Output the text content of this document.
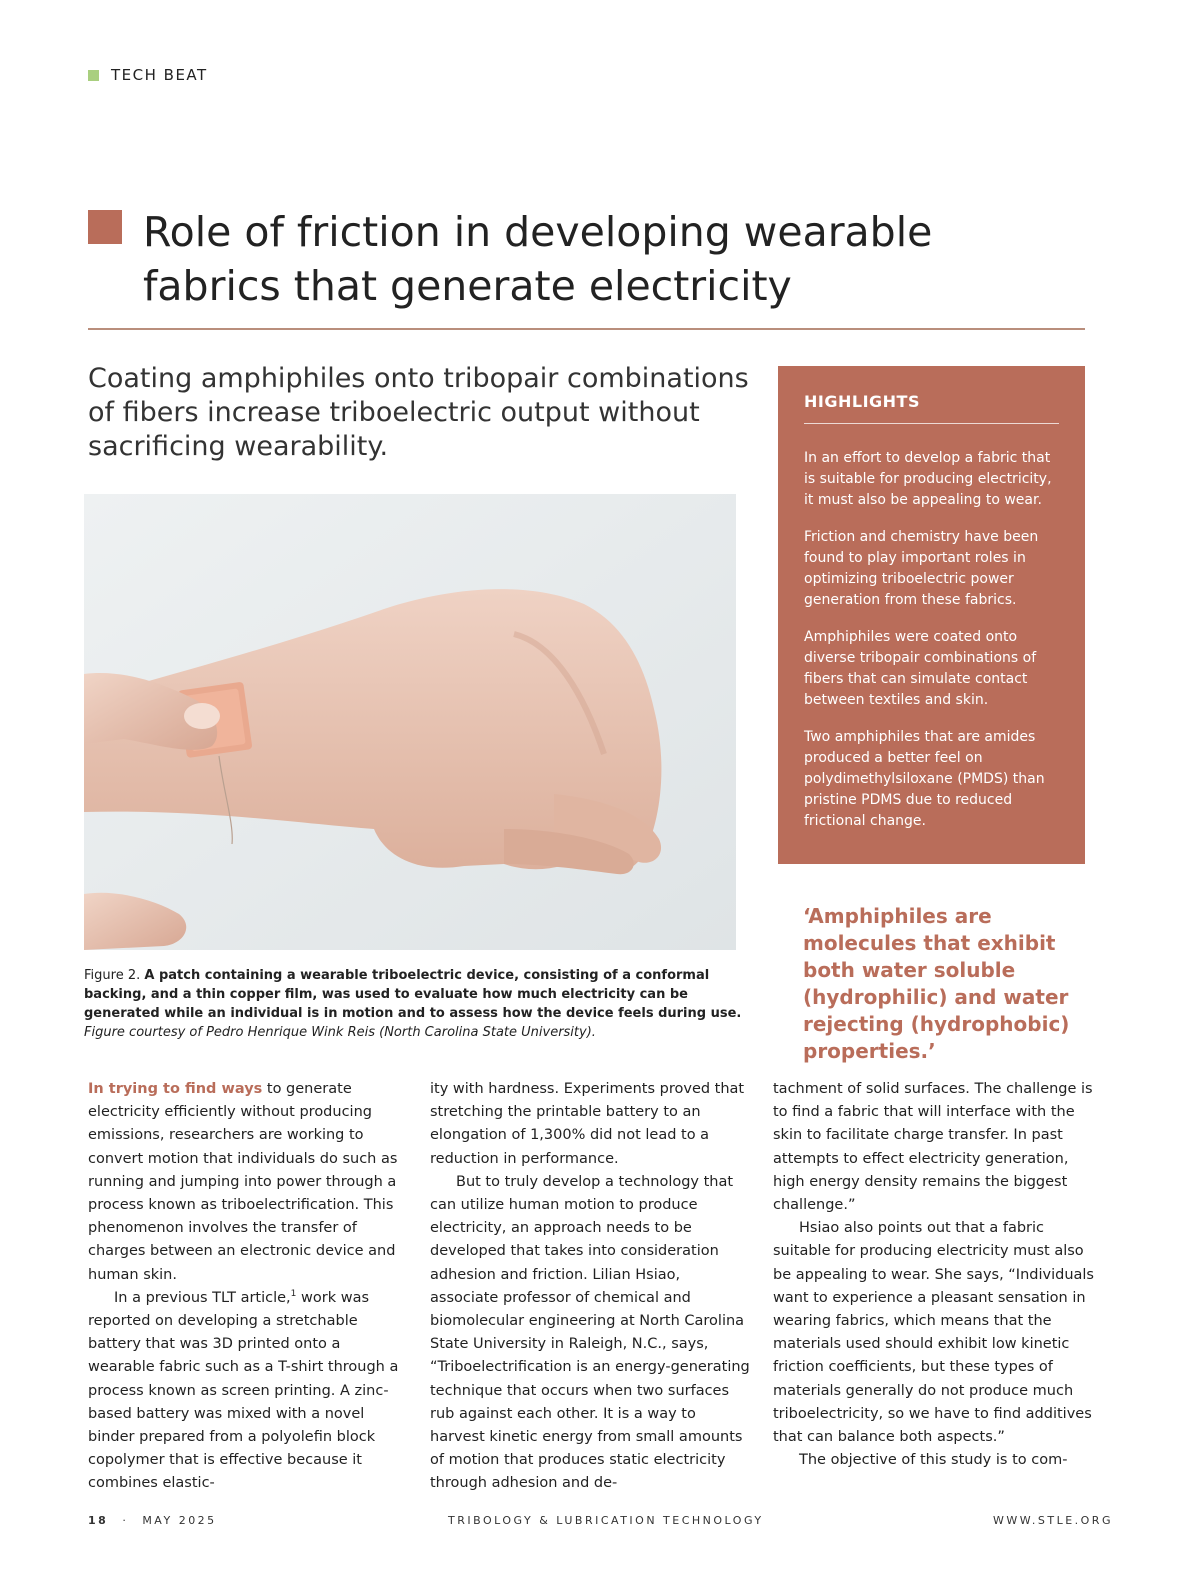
TECH BEAT
Role of friction in developing wearable fabrics that generate electricity
Coating amphiphiles onto tribopair combinations of fibers increase triboelectric output without sacrificing wearability.
Figure 2. A patch containing a wearable triboelectric device, consisting of a conformal backing, and a thin copper film, was used to evaluate how much electricity can be generated while an individual is in motion and to assess how the device feels during use. Figure courtesy of Pedro Henrique Wink Reis (North Carolina State University).
HIGHLIGHTS
In an effort to develop a fabric that is suitable for producing electricity, it must also be appealing to wear.
Friction and chemistry have been found to play important roles in optimizing triboelectric power generation from these fabrics.
Amphiphiles were coated onto diverse tribopair combinations of fibers that can simulate contact between textiles and skin.
Two amphiphiles that are amides produced a better feel on polydimethylsiloxane (PMDS) than pristine PDMS due to reduced frictional change.
‘Amphiphiles are molecules that exhibit both water soluble (hydrophilic) and water rejecting (hydrophobic) properties.’

In trying to find ways to generate electricity efficiently without producing emissions, researchers are working to convert motion that individuals do such as running and jumping into power through a process known as triboelectrification. This phenomenon involves the transfer of charges between an electronic device and human skin.

In a previous TLT article,$^1$ work was reported on developing a stretchable battery that was 3D printed onto a wearable fabric such as a T-shirt through a process known as screen printing. A zinc-based battery was mixed with a novel binder prepared from a polyolefin block copolymer that is effective because it combines elastic-

ity with hardness. Experiments proved that stretching the printable battery to an elongation of 1,300% did not lead to a reduction in performance.

But to truly develop a technology that can utilize human motion to produce electricity, an approach needs to be developed that takes into consideration adhesion and friction. Lilian Hsiao, associate professor of chemical and biomolecular engineering at North Carolina State University in Raleigh, N.C., says, “Triboelectrification is an energy-generating technique that occurs when two surfaces rub against each other. It is a way to harvest kinetic energy from small amounts of motion that produces static electricity through adhesion and de-

tachment of solid surfaces. The challenge is to find a fabric that will interface with the skin to facilitate charge transfer. In past attempts to effect electricity generation, high energy density remains the biggest challenge.”

Hsiao also points out that a fabric suitable for producing electricity must also be appealing to wear. She says, “Individuals want to experience a pleasant sensation in wearing fabrics, which means that the materials used should exhibit low kinetic friction coefficients, but these types of materials generally do not produce much triboelectricity, so we have to find additives that can balance both aspects.”

The objective of this study is to com-

18 · MAY 2025	TRIBOLOGY & LUBRICATION TECHNOLOGY	WWW.STLE.ORG
